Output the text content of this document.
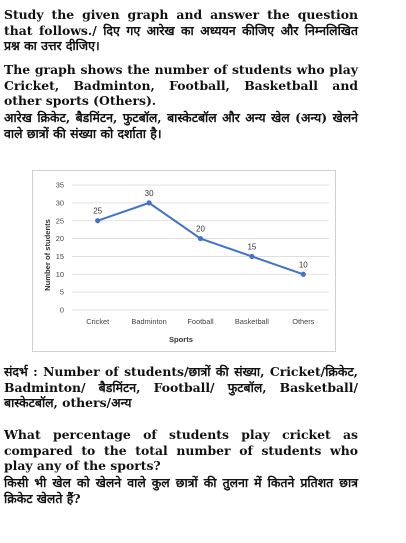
Study the given graph and answer the question that follows./ दिए गए आरेख का अध्ययन कीजिए और निम्नलिखित प्रश्न का उत्तर दीजिए।

The graph shows the number of students who play Cricket, Badminton, Football, Basketball and other sports (Others).

आरेख क्रिकेट, बैडमिंटन, फुटबॉल, बास्केटबॉल और अन्य खेल (अन्य) खेलने वाले छात्रों की संख्या को दर्शाता है।

0
5
10
15
20
25
30
35
Cricket	Badminton	Football	Basketball	Others
25
30
20
15
10
Number of students
Sports

संदर्भ : Number of students/छात्रों की संख्या, Cricket/क्रिकेट, Badminton/ बैडमिंटन, Football/ फुटबॉल, Basketball/बास्केटबॉल, others/अन्य

What percentage of students play cricket as compared to the total number of students who play any of the sports?

किसी भी खेल को खेलने वाले कुल छात्रों की तुलना में कितने प्रतिशत छात्र क्रिकेट खेलते हैं?
